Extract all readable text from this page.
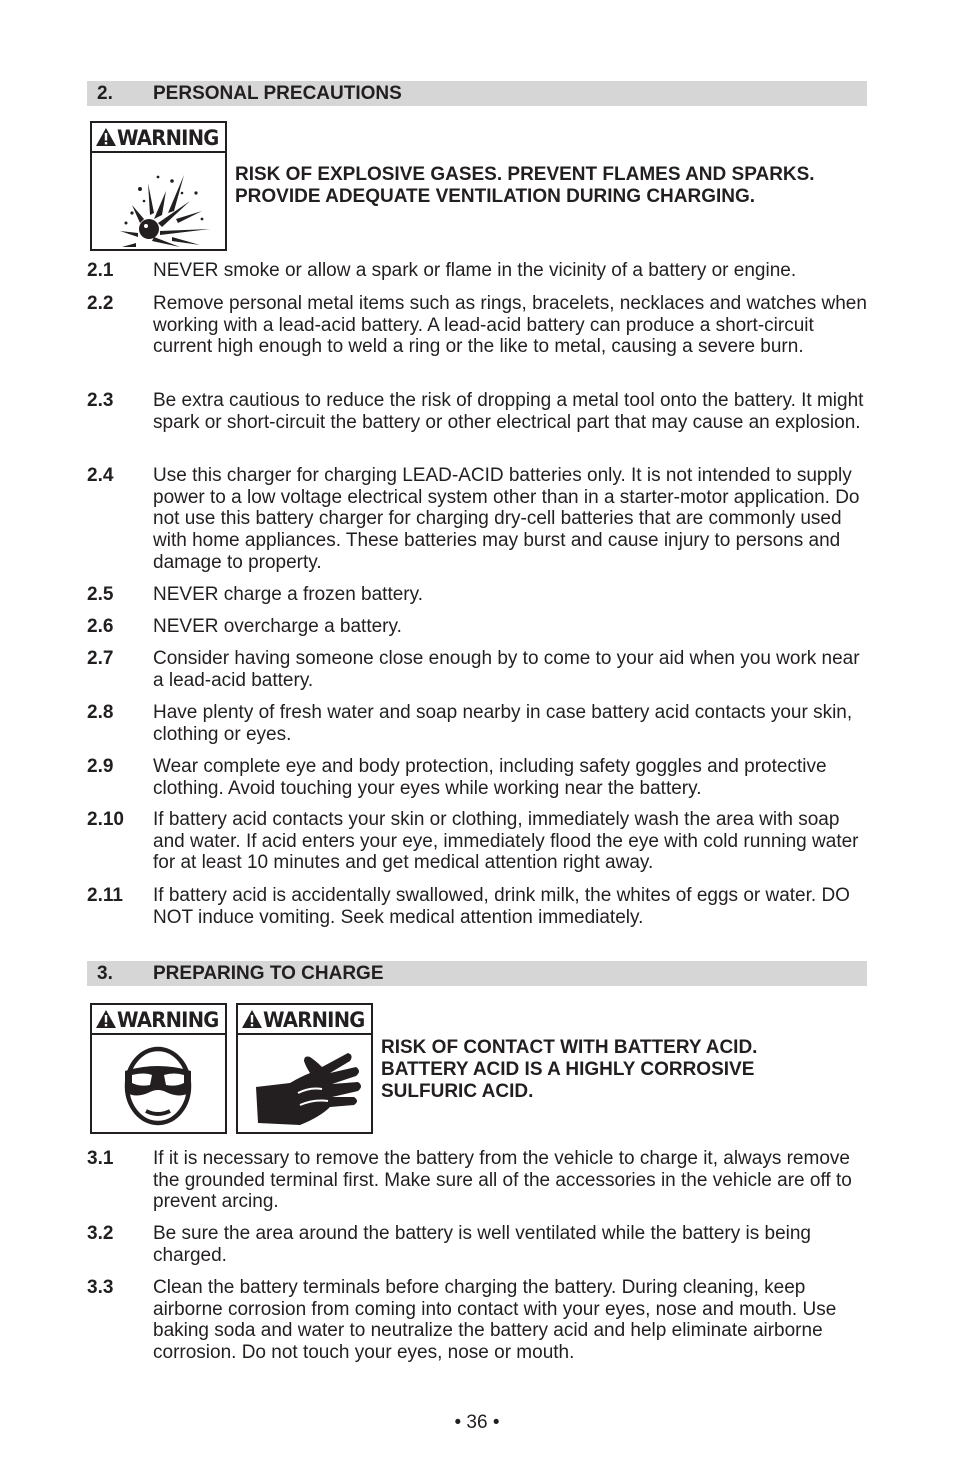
2. PERSONAL PRECAUTIONS
WARNING
RISK OF EXPLOSIVE GASES. PREVENT FLAMES AND SPARKS.
PROVIDE ADEQUATE VENTILATION DURING CHARGING.
2.1 NEVER smoke or allow a spark or flame in the vicinity of a battery or engine.
2.2 Remove personal metal items such as rings, bracelets, necklaces and watches when working with a lead-acid battery. A lead-acid battery can produce a short-circuit current high enough to weld a ring or the like to metal, causing a severe burn.
2.3 Be extra cautious to reduce the risk of dropping a metal tool onto the battery. It might spark or short-circuit the battery or other electrical part that may cause an explosion.
2.4 Use this charger for charging LEAD-ACID batteries only. It is not intended to supply power to a low voltage electrical system other than in a starter-motor application. Do not use this battery charger for charging dry-cell batteries that are commonly used with home appliances. These batteries may burst and cause injury to persons and damage to property.
2.5 NEVER charge a frozen battery.
2.6 NEVER overcharge a battery.
2.7 Consider having someone close enough by to come to your aid when you work near a lead-acid battery.
2.8 Have plenty of fresh water and soap nearby in case battery acid contacts your skin, clothing or eyes.
2.9 Wear complete eye and body protection, including safety goggles and protective clothing. Avoid touching your eyes while working near the battery.
2.10 If battery acid contacts your skin or clothing, immediately wash the area with soap and water. If acid enters your eye, immediately flood the eye with cold running water for at least 10 minutes and get medical attention right away.
2.11 If battery acid is accidentally swallowed, drink milk, the whites of eggs or water. DO NOT induce vomiting. Seek medical attention immediately.
3. PREPARING TO CHARGE
WARNING WARNING
RISK OF CONTACT WITH BATTERY ACID.
BATTERY ACID IS A HIGHLY CORROSIVE
SULFURIC ACID.
3.1 If it is necessary to remove the battery from the vehicle to charge it, always remove the grounded terminal first. Make sure all of the accessories in the vehicle are off to prevent arcing.
3.2 Be sure the area around the battery is well ventilated while the battery is being charged.
3.3 Clean the battery terminals before charging the battery. During cleaning, keep airborne corrosion from coming into contact with your eyes, nose and mouth. Use baking soda and water to neutralize the battery acid and help eliminate airborne corrosion. Do not touch your eyes, nose or mouth.
• 36 •
